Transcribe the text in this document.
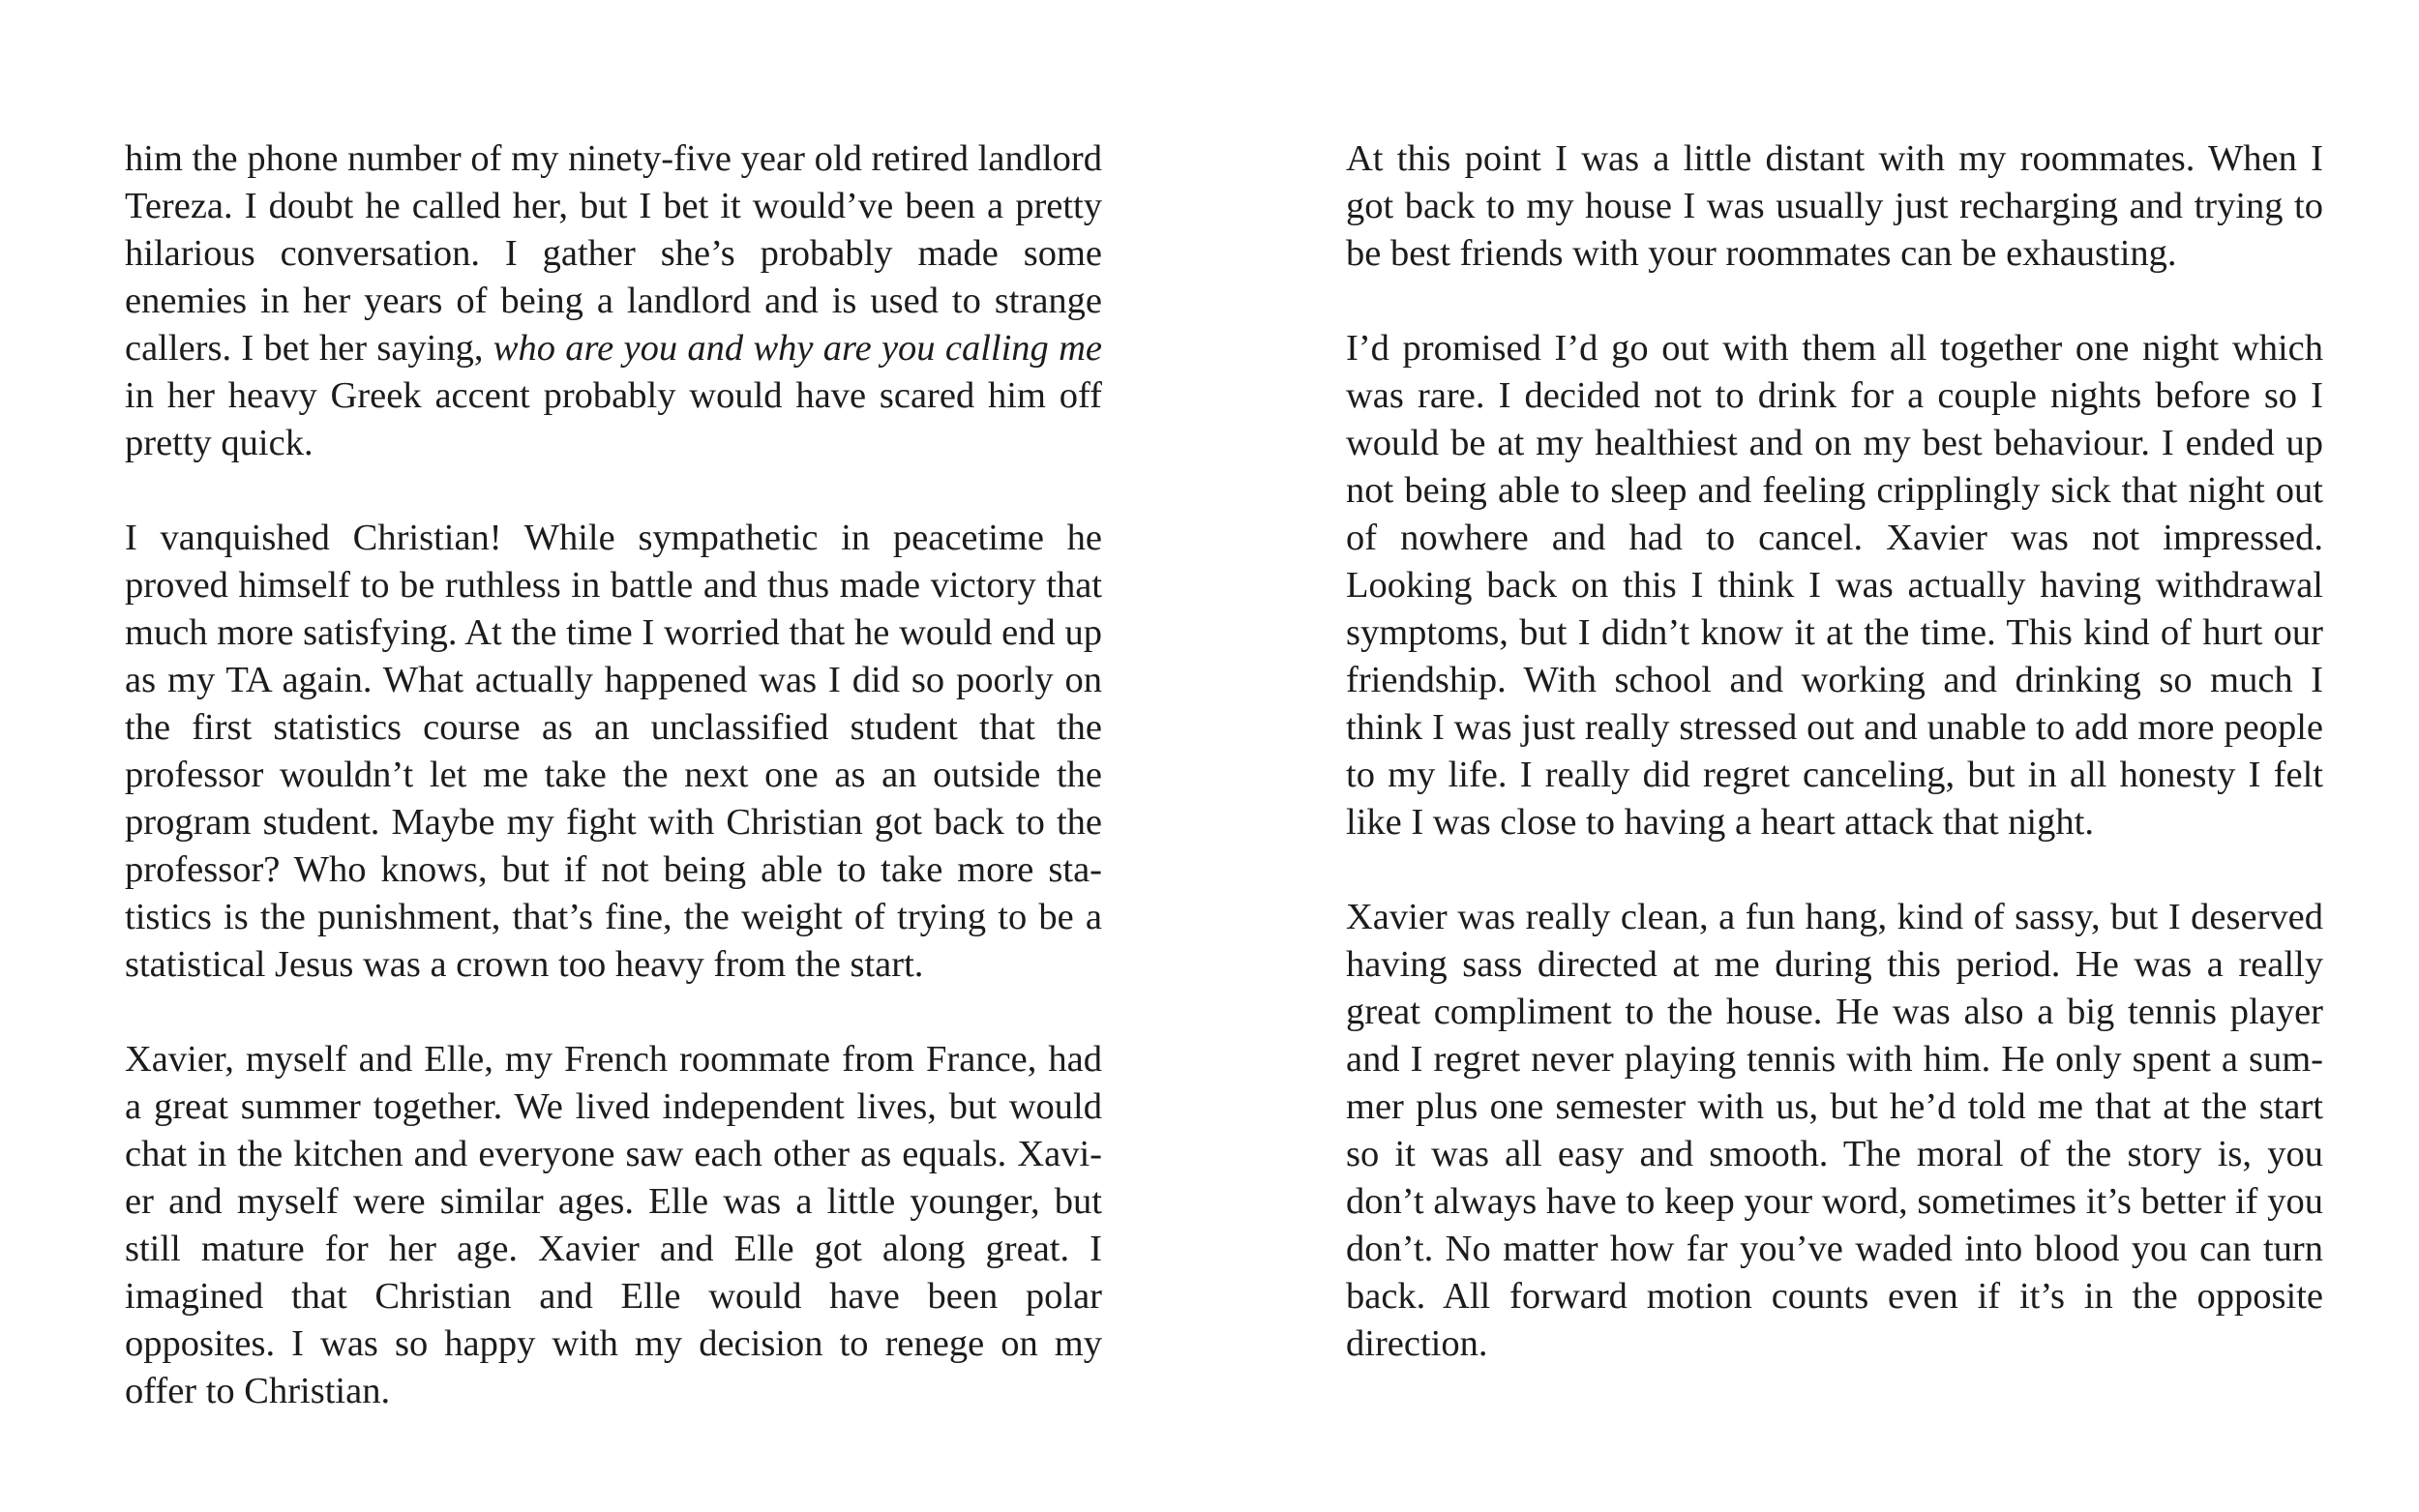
him the phone number of my ninety-five year old retired landlord Tereza. I doubt he called her, but I bet it would’ve been a pretty hilarious conversation. I gather she’s probably made some enemies in her years of being a landlord and is used to strange callers. I bet her saying, who are you and why are you calling me in her heavy Greek accent probably would have scared him off pretty quick.

I vanquished Christian! While sympathetic in peacetime he proved himself to be ruthless in battle and thus made victory that much more satisfying. At the time I worried that he would end up as my TA again. What actually happened was I did so poorly on the first statistics course as an unclassified student that the professor wouldn’t let me take the next one as an outside the program student. Maybe my fight with Christian got back to the professor? Who knows, but if not being able to take more statistics is the punishment, that’s fine, the weight of trying to be a statistical Jesus was a crown too heavy from the start.

Xavier, myself and Elle, my French roommate from France, had a great summer together. We lived independent lives, but would chat in the kitchen and everyone saw each other as equals. Xavier and myself were similar ages. Elle was a little younger, but still mature for her age. Xavier and Elle got along great. I imagined that Christian and Elle would have been polar opposites. I was so happy with my decision to renege on my offer to Christian.

At this point I was a little distant with my roommates. When I got back to my house I was usually just recharging and trying to be best friends with your roommates can be exhausting.

I’d promised I’d go out with them all together one night which was rare. I decided not to drink for a couple nights before so I would be at my healthiest and on my best behaviour. I ended up not being able to sleep and feeling cripplingly sick that night out of nowhere and had to cancel. Xavier was not impressed. Looking back on this I think I was actually having withdrawal symptoms, but I didn’t know it at the time. This kind of hurt our friendship. With school and working and drinking so much I think I was just really stressed out and unable to add more people to my life. I really did regret canceling, but in all honesty I felt like I was close to having a heart attack that night.

Xavier was really clean, a fun hang, kind of sassy, but I deserved having sass directed at me during this period. He was a really great compliment to the house. He was also a big tennis player and I regret never playing tennis with him. He only spent a summer plus one semester with us, but he’d told me that at the start so it was all easy and smooth. The moral of the story is, you don’t always have to keep your word, sometimes it’s better if you don’t. No matter how far you’ve waded into blood you can turn back. All forward motion counts even if it’s in the opposite direction.
